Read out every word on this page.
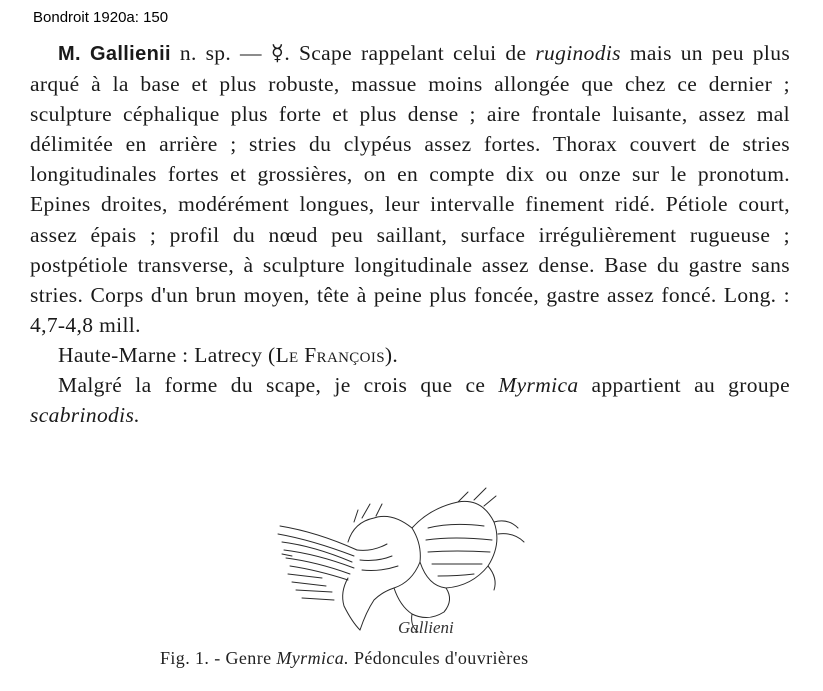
Bondroit 1920a: 150

M. Gallienii n. sp. — ☿. Scape rappelant celui de ruginodis mais un peu plus arqué à la base et plus robuste, massue moins allongée que chez ce dernier ; sculpture céphalique plus forte et plus dense ; aire frontale luisante, assez mal délimitée en arrière ; stries du clypéus assez fortes. Thorax couvert de stries longitudinales fortes et grossières, on en compte dix ou onze sur le pronotum. Epines droites, modérément longues, leur intervalle finement ridé. Pétiole court, assez épais ; profil du nœud peu saillant, surface irrégulièrement rugueuse ; postpétiole transverse, à sculpture longitudinale assez dense. Base du gastre sans stries. Corps d'un brun moyen, tête à peine plus foncée, gastre assez foncé. Long. : 4,7-4,8 mill.

Haute-Marne : Latrecy (Le François).

Malgré la forme du scape, je crois que ce Myrmica appartient au groupe scabrinodis.

Gallieni
Fig. 1. - Genre Myrmica. Pédoncules d'ouvrières
